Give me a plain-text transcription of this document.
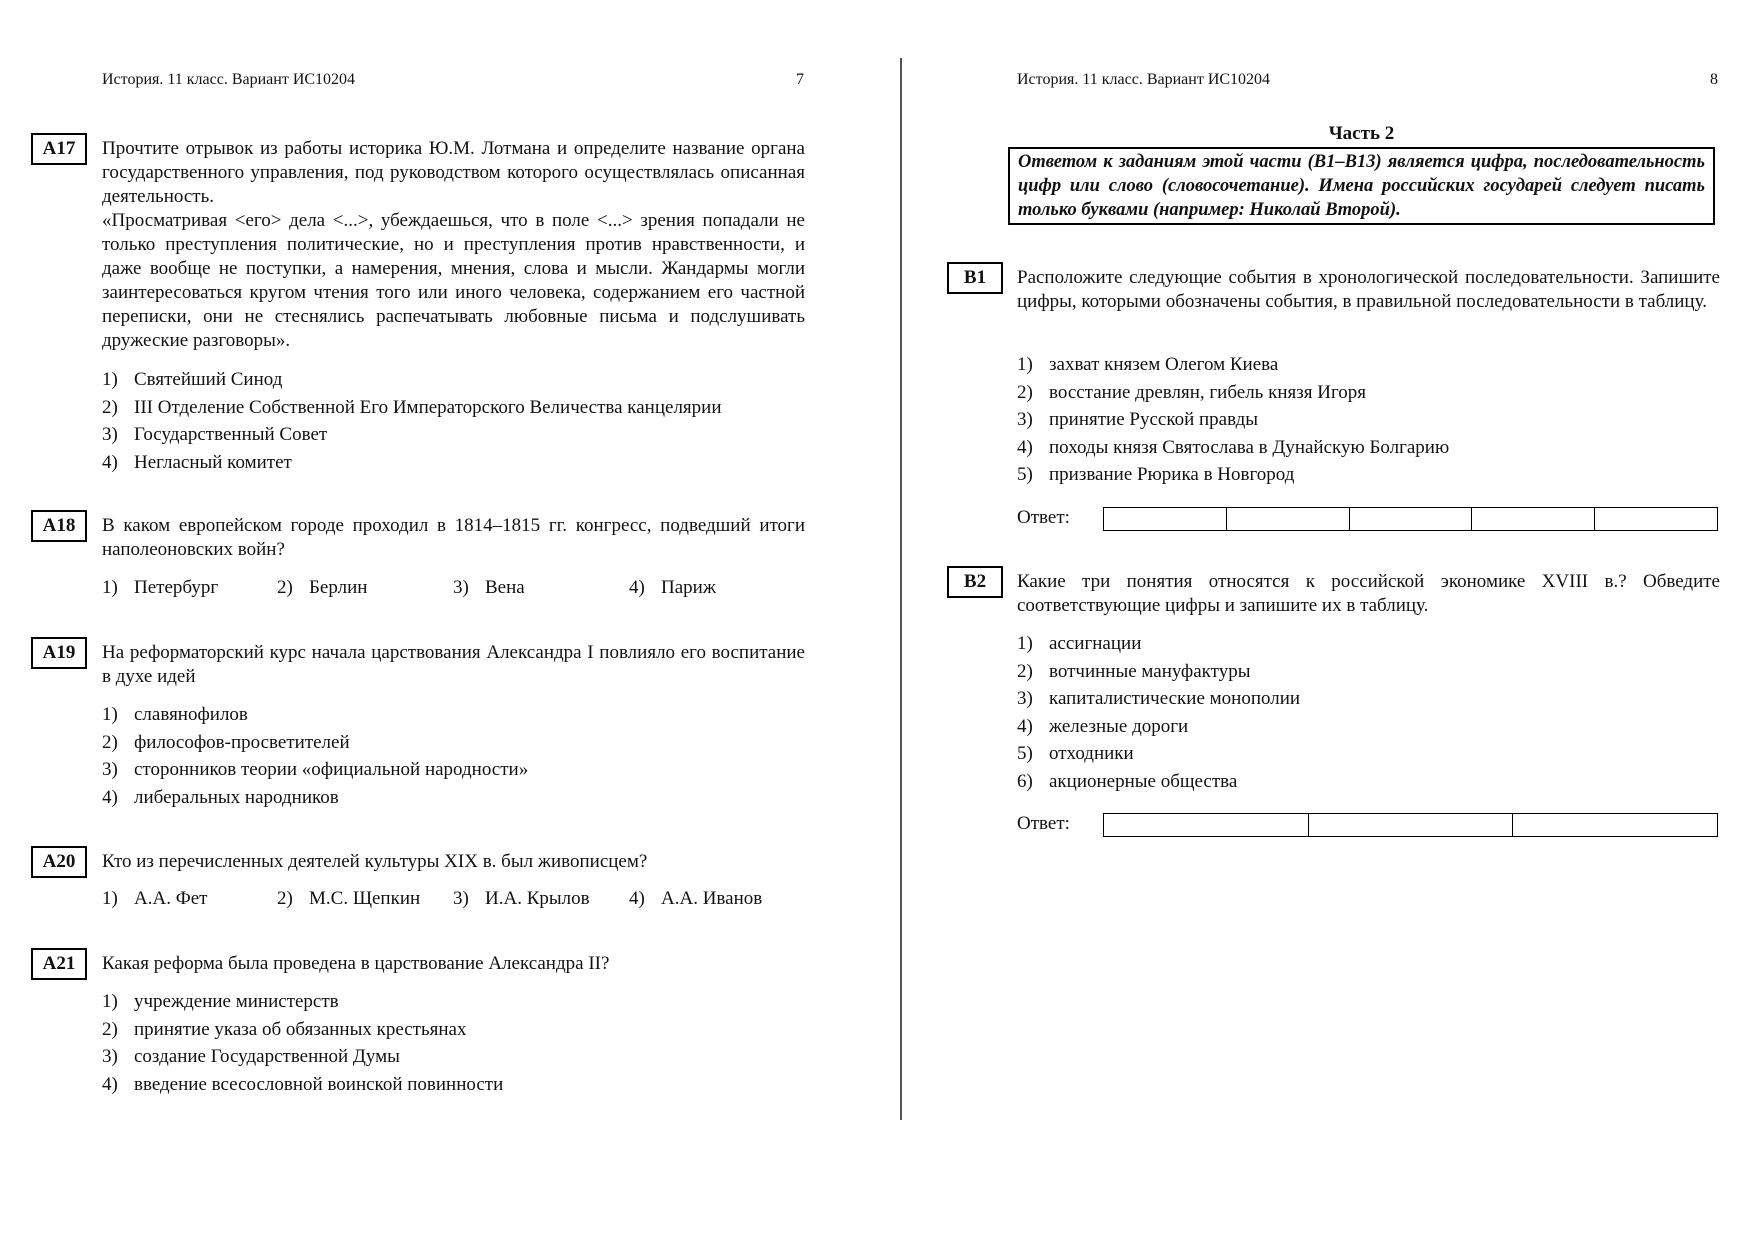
История. 11 класс. Вариант ИС10204	7
А17	Прочтите отрывок из работы историка Ю.М. Лотмана и определите название органа государственного управления, под руководством которого осуществлялась описанная деятельность.
«Просматривая <его> дела <...>, убеждаешься, что в поле <...> зрения попадали не только преступления политические, но и преступления против нравственности, и даже вообще не поступки, а намерения, мнения, слова и мысли. Жандармы могли заинтересоваться кругом чтения того или иного человека, содержанием его частной переписки, они не стеснялись распечатывать любовные письма и подслушивать дружеские разговоры».
1) Святейший Синод
2) III Отделение Собственной Его Императорского Величества канцелярии
3) Государственный Совет
4) Негласный комитет
А18	В каком европейском городе проходил в 1814–1815 гг. конгресс, подведший итоги наполеоновских войн?
1) Петербург	2) Берлин	3) Вена	4) Париж
А19	На реформаторский курс начала царствования Александра I повлияло его воспитание в духе идей
1) славянофилов
2) философов-просветителей
3) сторонников теории «официальной народности»
4) либеральных народников
А20	Кто из перечисленных деятелей культуры XIX в. был живописцем?
1) А.А. Фет	2) М.С. Щепкин 3) И.А. Крылов 4) А.А. Иванов
А21	Какая реформа была проведена в царствование Александра II?
1) учреждение министерств
2) принятие указа об обязанных крестьянах
3) создание Государственной Думы
4) введение всесословной воинской повинности
История. 11 класс. Вариант ИС10204	8
Часть 2
Ответом к заданиям этой части (В1–В13) является цифра, последовательность цифр или слово (словосочетание). Имена российских государей следует писать только буквами (например: Николай Второй).
В1	Расположите следующие события в хронологической последовательности. Запишите цифры, которыми обозначены события, в правильной последовательности в таблицу.
1) захват князем Олегом Киева
2) восстание древлян, гибель князя Игоря
3) принятие Русской правды
4) походы князя Святослава в Дунайскую Болгарию
5) призвание Рюрика в Новгород
Ответ:
В2	Какие три понятия относятся к российской экономике XVIII в.? Обведите соответствующие цифры и запишите их в таблицу.
1) ассигнации
2) вотчинные мануфактуры
3) капиталистические монополии
4) железные дороги
5) отходники
6) акционерные общества
Ответ:
